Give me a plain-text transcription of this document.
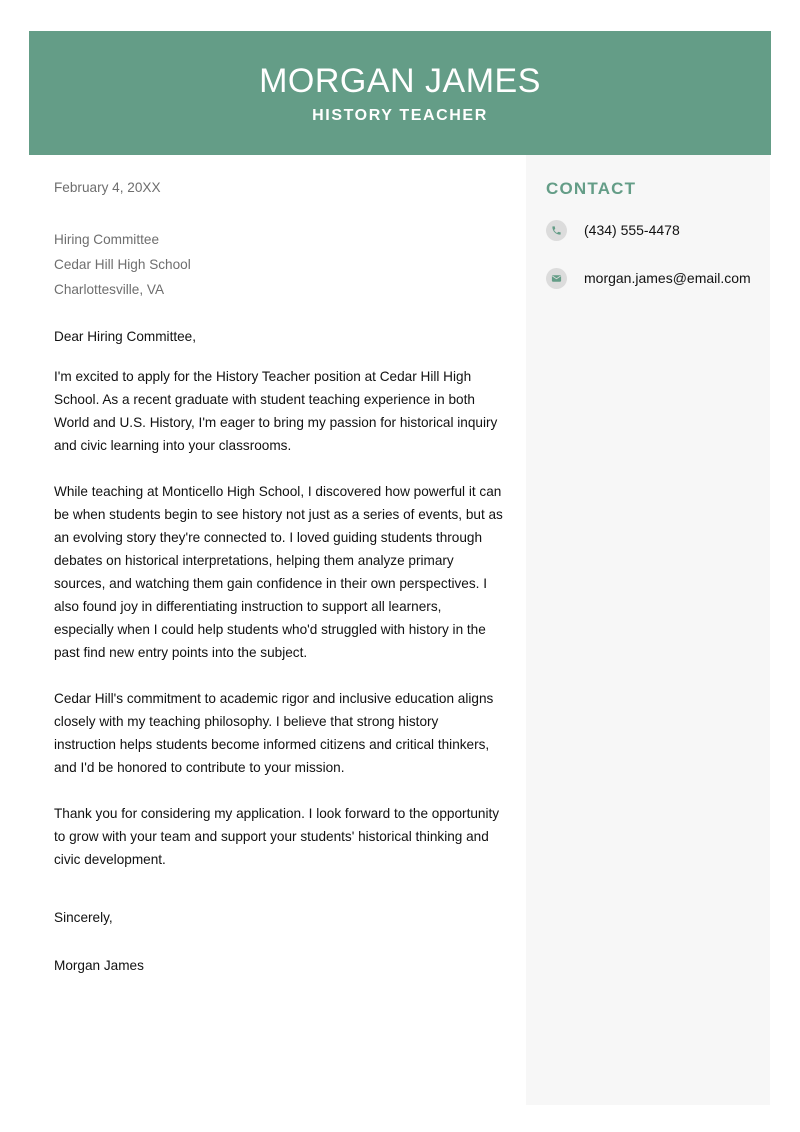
MORGAN JAMES
HISTORY TEACHER
February 4, 20XX
Hiring Committee
Cedar Hill High School
Charlottesville, VA
Dear Hiring Committee,

I'm excited to apply for the History Teacher position at Cedar Hill High School. As a recent graduate with student teaching experience in both World and U.S. History, I'm eager to bring my passion for historical inquiry and civic learning into your classrooms.

While teaching at Monticello High School, I discovered how powerful it can be when students begin to see history not just as a series of events, but as an evolving story they're connected to. I loved guiding students through debates on historical interpretations, helping them analyze primary sources, and watching them gain confidence in their own perspectives. I also found joy in differentiating instruction to support all learners, especially when I could help students who'd struggled with history in the past find new entry points into the subject.

Cedar Hill's commitment to academic rigor and inclusive education aligns closely with my teaching philosophy. I believe that strong history instruction helps students become informed citizens and critical thinkers, and I'd be honored to contribute to your mission.

Thank you for considering my application. I look forward to the opportunity to grow with your team and support your students' historical thinking and civic development.

Sincerely,
Morgan James
CONTACT
(434) 555-4478
morgan.james@email.com
